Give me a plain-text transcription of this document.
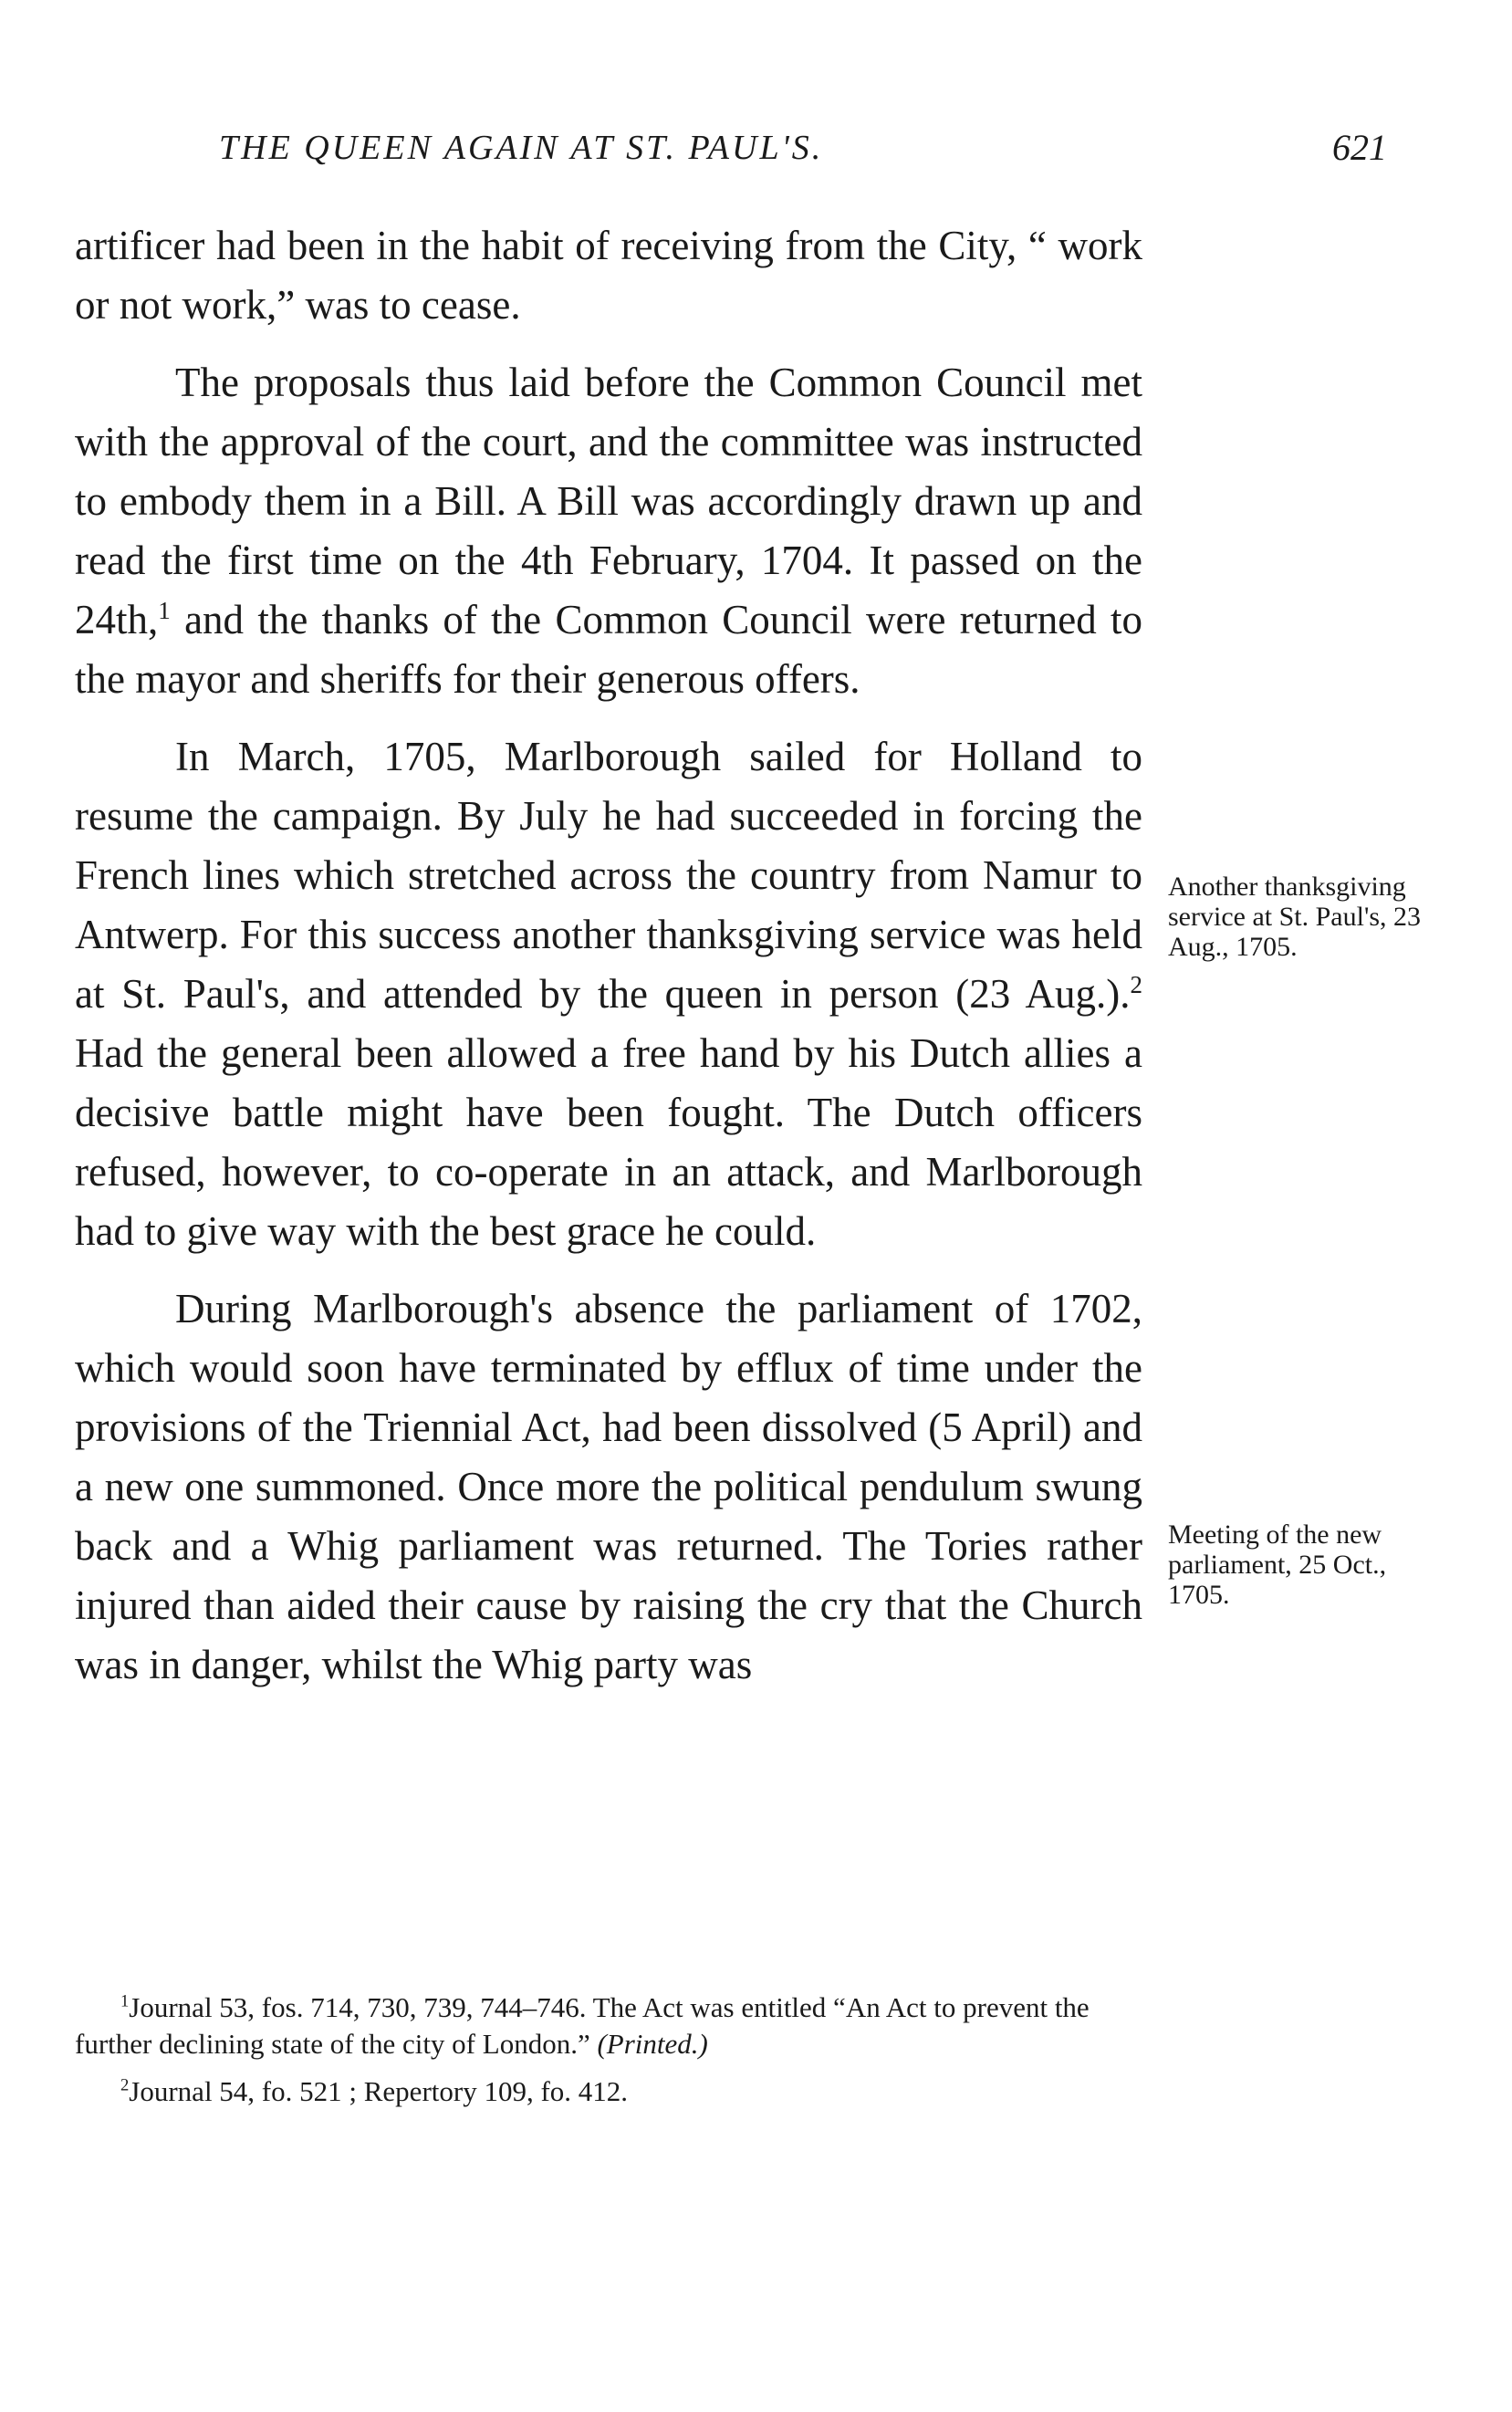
THE QUEEN AGAIN AT ST. PAUL'S.	621

artificer had been in the habit of receiving from the City, “ work or not work,” was to cease.

The proposals thus laid before the Common Council met with the approval of the court, and the committee was instructed to embody them in a Bill. A Bill was accordingly drawn up and read the first time on the 4th February, 1704. It passed on the 24th,$^1$ and the thanks of the Common Council were returned to the mayor and sheriffs for their generous offers.

In March, 1705, Marlborough sailed for Holland to resume the campaign. By July he had succeeded in forcing the French lines which stretched across the country from Namur to Antwerp. For this success another thanksgiving service was held at St. Paul's, and attended by the queen in person (23 Aug.).$^2$ Had the general been allowed a free hand by his Dutch allies a decisive battle might have been fought. The Dutch officers refused, however, to co-operate in an attack, and Marlborough had to give way with the best grace he could.

During Marlborough's absence the parliament of 1702, which would soon have terminated by efflux of time under the provisions of the Triennial Act, had been dissolved (5 April) and a new one summoned. Once more the political pendulum swung back and a Whig parliament was returned. The Tories rather injured than aided their cause by raising the cry that the Church was in danger, whilst the Whig party was

Another thanksgiving service at St. Paul's, 23 Aug., 1705.
Meeting of the new parliament, 25 Oct., 1705.

$^1$Journal 53, fos. 714, 730, 739, 744–746. The Act was entitled “An Act to prevent the further declining state of the city of London.” (Printed.)

$^2$Journal 54, fo. 521 ; Repertory 109, fo. 412.
